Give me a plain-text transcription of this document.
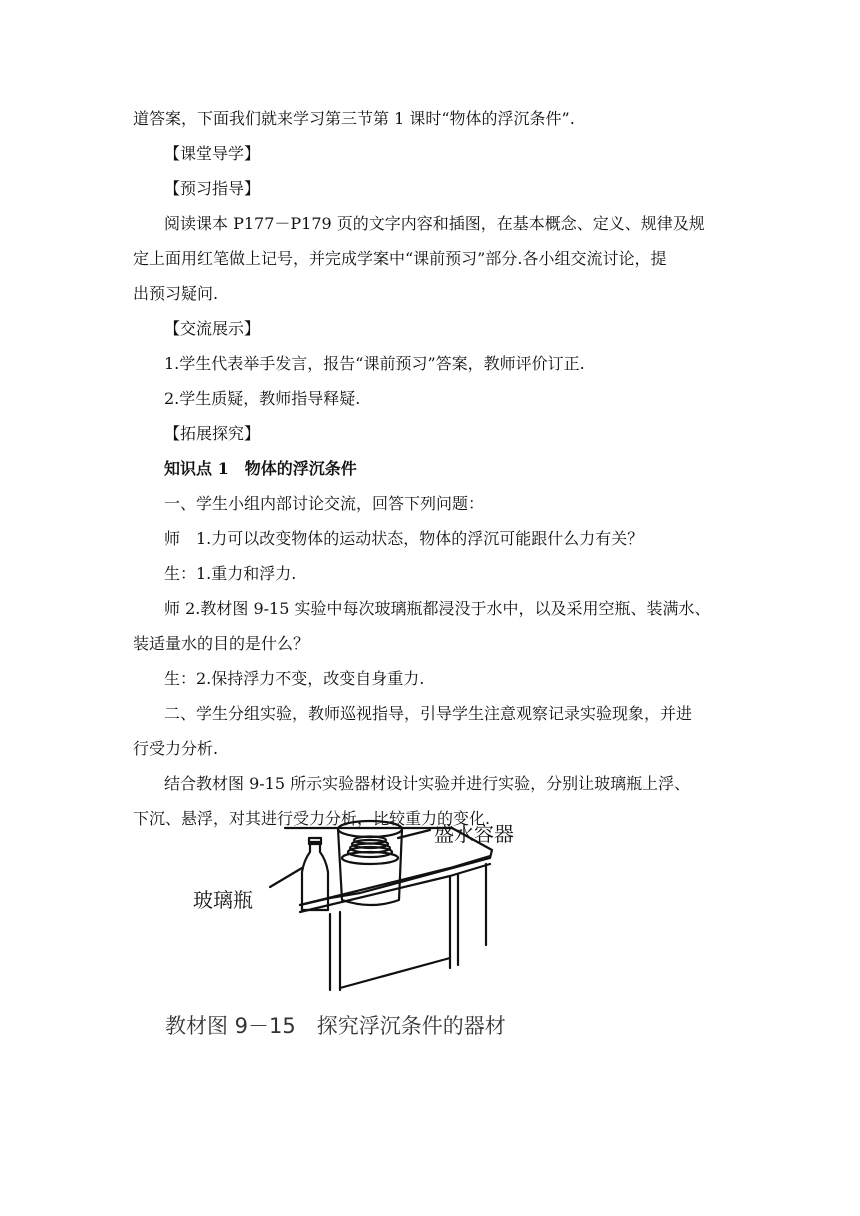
道答案，下面我们就来学习第三节第 1 课时“物体的浮沉条件”.
【课堂导学】
【预习指导】
阅读课本 P177－P179 页的文字内容和插图，在基本概念、定义、规律及规
定上面用红笔做上记号，并完成学案中“课前预习”部分.各小组交流讨论，提
出预习疑问.
【交流展示】
1.学生代表举手发言，报告“课前预习”答案，教师评价订正.
2.学生质疑，教师指导释疑.
【拓展探究】
知识点 1　物体的浮沉条件
一、学生小组内部讨论交流，回答下列问题：
师　1.力可以改变物体的运动状态，物体的浮沉可能跟什么力有关？
生：1.重力和浮力.
师 2.教材图 9-15 实验中每次玻璃瓶都浸没于水中，以及采用空瓶、装满水、
装适量水的目的是什么？
生：2.保持浮力不变，改变自身重力.
二、学生分组实验，教师巡视指导，引导学生注意观察记录实验现象，并进
行受力分析.
结合教材图 9-15 所示实验器材设计实验并进行实验，分别让玻璃瓶上浮、
下沉、悬浮，对其进行受力分析，比较重力的变化.
盛水容器
玻璃瓶
教材图 9－15　探究浮沉条件的器材
